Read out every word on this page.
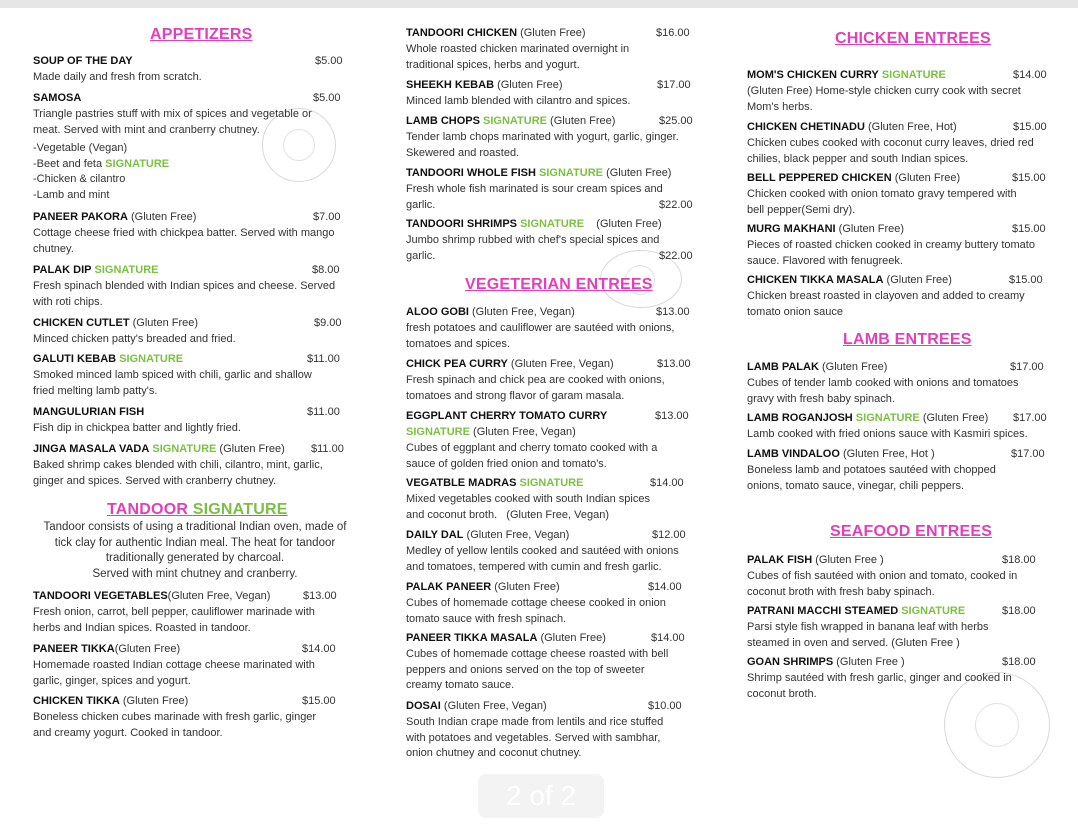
APPETIZERS
SOUP OF THE DAY	$5.00
Made daily and fresh from scratch.
SAMOSA	$5.00
Triangle pastries stuff with mix of spices and vegetable or
meat. Served with mint and cranberry chutney.
-Vegetable (Vegan)
-Beet and feta SIGNATURE
-Chicken & cilantro
-Lamb and mint
PANEER PAKORA (Gluten Free)	$7.00
Cottage cheese fried with chickpea batter. Served with mango
chutney.
PALAK DIP SIGNATURE	$8.00
Fresh spinach blended with Indian spices and cheese. Served
with roti chips.
CHICKEN CUTLET (Gluten Free)	$9.00
Minced chicken patty's breaded and fried.
GALUTI KEBAB SIGNATURE	$11.00
Smoked minced lamb spiced with chili, garlic and shallow
fried melting lamb patty's.
MANGULURIAN FISH	$11.00
Fish dip in chickpea batter and lightly fried.
JINGA MASALA VADA SIGNATURE (Gluten Free) $11.00
Baked shrimp cakes blended with chili, cilantro, mint, garlic,
ginger and spices. Served with cranberry chutney.
TANDOOR SIGNATURE
Tandoor consists of using a traditional Indian oven, made of
tick clay for authentic Indian meal. The heat for tandoor
traditionally generated by charcoal.
Served with mint chutney and cranberry.
TANDOORI VEGETABLES(Gluten Free, Vegan)	$13.00
Fresh onion, carrot, bell pepper, cauliflower marinade with
herbs and Indian spices. Roasted in tandoor.
PANEER TIKKA(Gluten Free)	$14.00
Homemade roasted Indian cottage cheese marinated with
garlic, ginger, spices and yogurt.
CHICKEN TIKKA (Gluten Free)	$15.00
Boneless chicken cubes marinade with fresh garlic, ginger
and creamy yogurt. Cooked in tandoor.
TANDOORI CHICKEN (Gluten Free)	$16.00
Whole roasted chicken marinated overnight in
traditional spices, herbs and yogurt.
SHEEKH KEBAB (Gluten Free)	$17.00
Minced lamb blended with cilantro and spices.
LAMB CHOPS SIGNATURE (Gluten Free)	$25.00
Tender lamb chops marinated with yogurt, garlic, ginger.
Skewered and roasted.
TANDOORI WHOLE FISH SIGNATURE (Gluten Free)
Fresh whole fish marinated is sour cream spices and
garlic.	$22.00
TANDOORI SHRIMPS SIGNATURE (Gluten Free)
Jumbo shrimp rubbed with chef's special spices and
garlic.	$22.00
VEGETERIAN ENTREES
ALOO GOBI (Gluten Free, Vegan)	$13.00
fresh potatoes and cauliflower are sautéed with onions,
tomatoes and spices.
CHICK PEA CURRY (Gluten Free, Vegan)	$13.00
Fresh spinach and chick pea are cooked with onions,
tomatoes and strong flavor of garam masala.
EGGPLANT CHERRY TOMATO CURRY	$13.00
SIGNATURE (Gluten Free, Vegan)
Cubes of eggplant and cherry tomato cooked with a
sauce of golden fried onion and tomato's.
VEGATBLE MADRAS SIGNATURE	$14.00
Mixed vegetables cooked with south Indian spices
and coconut broth.   (Gluten Free, Vegan)
DAILY DAL (Gluten Free, Vegan)	$12.00
Medley of yellow lentils cooked and sautéed with onions
and tomatoes, tempered with cumin and fresh garlic.
PALAK PANEER (Gluten Free)	$14.00
Cubes of homemade cottage cheese cooked in onion
tomato sauce with fresh spinach.
PANEER TIKKA MASALA (Gluten Free)	$14.00
Cubes of homemade cottage cheese roasted with bell
peppers and onions served on the top of sweeter
creamy tomato sauce.
DOSAI (Gluten Free, Vegan)	$10.00
South Indian crape made from lentils and rice stuffed
with potatoes and vegetables. Served with sambhar,
onion chutney and coconut chutney.
CHICKEN ENTREES
MOM'S CHICKEN CURRY SIGNATURE	$14.00
(Gluten Free) Home-style chicken curry cook with secret
Mom's herbs.
CHICKEN CHETINADU (Gluten Free, Hot)	$15.00
Chicken cubes cooked with coconut curry leaves, dried red
chilies, black pepper and south Indian spices.
BELL PEPPERED CHICKEN (Gluten Free)	$15.00
Chicken cooked with onion tomato gravy tempered with
bell pepper(Semi dry).
MURG MAKHANI (Gluten Free)	$15.00
Pieces of roasted chicken cooked in creamy buttery tomato
sauce. Flavored with fenugreek.
CHICKEN TIKKA MASALA (Gluten Free)	$15.00
Chicken breast roasted in clayoven and added to creamy
tomato onion sauce
LAMB ENTREES
LAMB PALAK (Gluten Free)	$17.00
Cubes of tender lamb cooked with onions and tomatoes
gravy with fresh baby spinach.
LAMB ROGANJOSH SIGNATURE (Gluten Free) $17.00
Lamb cooked with fried onions sauce with Kasmiri spices.
LAMB VINDALOO (Gluten Free, Hot )	$17.00
Boneless lamb and potatoes sautéed with chopped
onions, tomato sauce, vinegar, chili peppers.
SEAFOOD ENTREES
PALAK FISH (Gluten Free )	$18.00
Cubes of fish sautéed with onion and tomato, cooked in
coconut broth with fresh baby spinach.
PATRANI MACCHI STEAMED SIGNATURE	$18.00
Parsi style fish wrapped in banana leaf with herbs
steamed in oven and served. (Gluten Free )
GOAN SHRIMPS (Gluten Free )	$18.00
Shrimp sautéed with fresh garlic, ginger and cooked in
coconut broth.
2 of 2
